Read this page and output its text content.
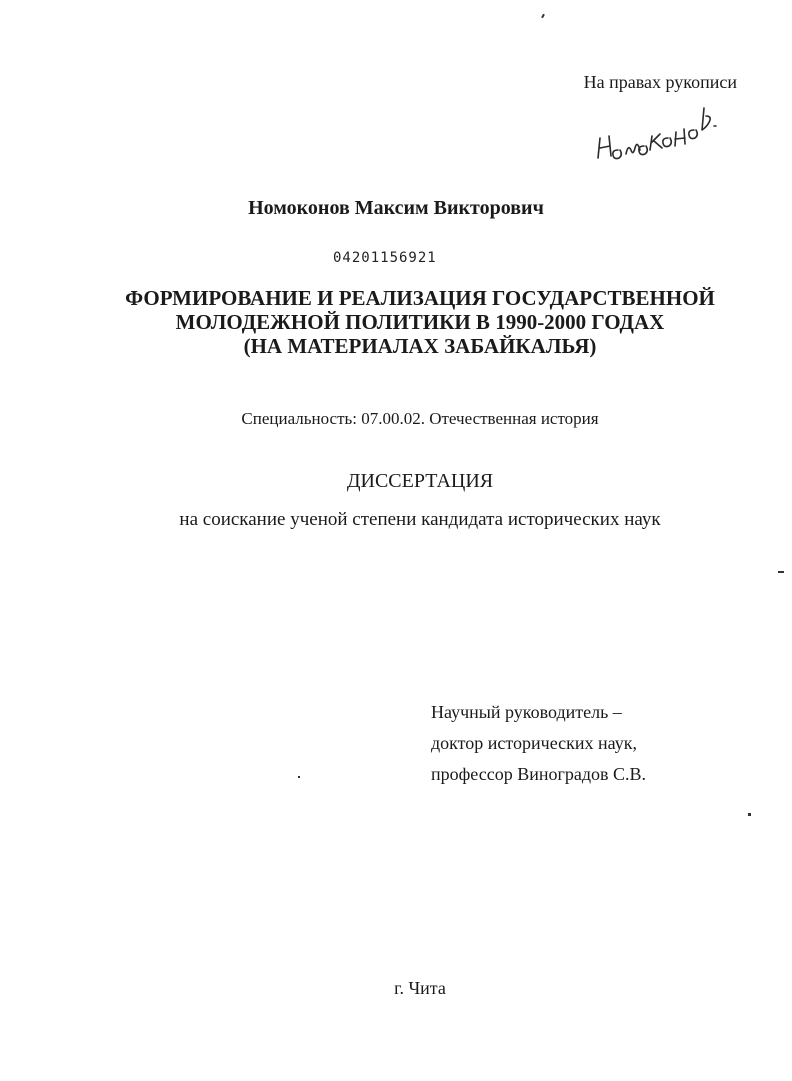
На правах рукописи
Номоконов Максим Викторович
04201156921
ФОРМИРОВАНИЕ И РЕАЛИЗАЦИЯ ГОСУДАРСТВЕННОЙ
МОЛОДЕЖНОЙ ПОЛИТИКИ В 1990-2000 ГОДАХ
(НА МАТЕРИАЛАХ ЗАБАЙКАЛЬЯ)
Специальность: 07.00.02. Отечественная история
ДИССЕРТАЦИЯ
на соискание ученой степени кандидата исторических наук
Научный руководитель –
доктор исторических наук,
профессор Виноградов С.В.
г. Чита
